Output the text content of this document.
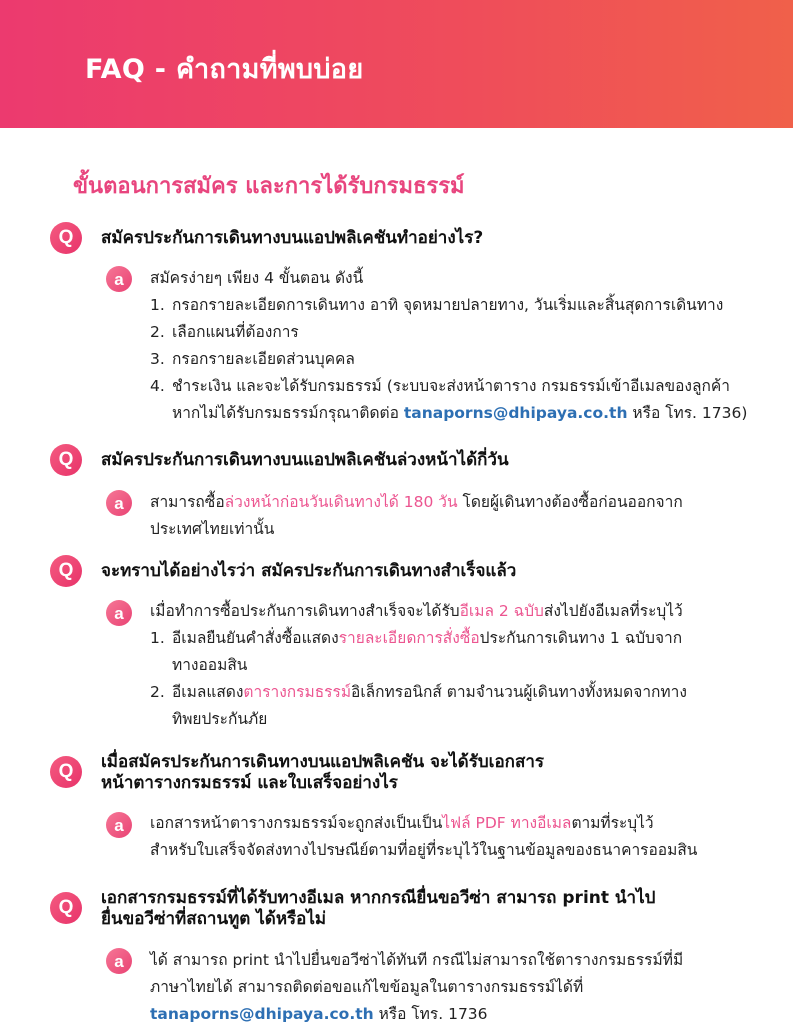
FAQ - คำถามที่พบบ่อย
ขั้นตอนการสมัคร และการได้รับกรมธรรม์
Q	สมัครประกันการเดินทางบนแอปพลิเคชันทำอย่างไร?
a	สมัครง่ายๆ เพียง 4 ขั้นตอน ดังนี้
1. กรอกรายละเอียดการเดินทาง อาทิ จุดหมายปลายทาง, วันเริ่มและสิ้นสุดการเดินทาง
2. เลือกแผนที่ต้องการ
3. กรอกรายละเอียดส่วนบุคคล
4. ชำระเงิน และจะได้รับกรมธรรม์ (ระบบจะส่งหน้าตาราง กรมธรรม์เข้าอีเมลของลูกค้า
หากไม่ได้รับกรมธรรม์กรุณาติดต่อ tanaporns@dhipaya.co.th หรือ โทร. 1736)
Q	สมัครประกันการเดินทางบนแอปพลิเคชันล่วงหน้าได้กี่วัน
a	สามารถซื้อล่วงหน้าก่อนวันเดินทางได้ 180 วัน โดยผู้เดินทางต้องซื้อก่อนออกจาก
ประเทศไทยเท่านั้น
Q	จะทราบได้อย่างไรว่า สมัครประกันการเดินทางสำเร็จแล้ว
a	เมื่อทำการซื้อประกันการเดินทางสำเร็จจะได้รับอีเมล 2 ฉบับส่งไปยังอีเมลที่ระบุไว้
1. อีเมลยืนยันคำสั่งซื้อแสดงรายละเอียดการสั่งซื้อประกันการเดินทาง 1 ฉบับจาก
ทางออมสิน
2. อีเมลแสดงตารางกรมธรรม์อิเล็กทรอนิกส์ ตามจำนวนผู้เดินทางทั้งหมดจากทาง
ทิพยประกันภัย
Q	เมื่อสมัครประกันการเดินทางบนแอปพลิเคชัน จะได้รับเอกสาร
หน้าตารางกรมธรรม์ และใบเสร็จอย่างไร
a	เอกสารหน้าตารางกรมธรรม์จะถูกส่งเป็นเป็นไฟล์ PDF ทางอีเมลตามที่ระบุไว้
สำหรับใบเสร็จจัดส่งทางไปรษณีย์ตามที่อยู่ที่ระบุไว้ในฐานข้อมูลของธนาคารออมสิน
Q	เอกสารกรมธรรม์ที่ได้รับทางอีเมล หากกรณียื่นขอวีซ่า สามารถ print นำไป
ยื่นขอวีซ่าที่สถานทูต ได้หรือไม่
a	ได้ สามารถ print นำไปยื่นขอวีซ่าได้ทันที กรณีไม่สามารถใช้ตารางกรมธรรม์ที่มี
ภาษาไทยได้ สามารถติดต่อขอแก้ไขข้อมูลในตารางกรมธรรม์ได้ที่
tanaporns@dhipaya.co.th หรือ โทร. 1736
